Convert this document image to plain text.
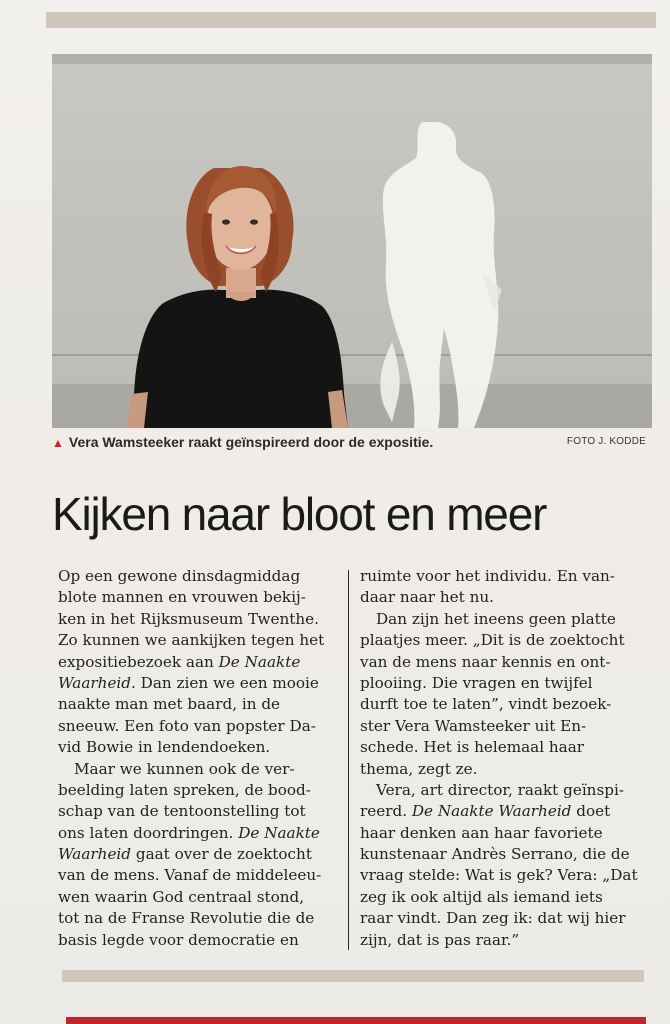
▲ Vera Wamsteeker raakt geïnspireerd door de expositie.	FOTO J. KODDE
Kijken naar bloot en meer
Op een gewone dinsdagmiddag
blote mannen en vrouwen bekij-
ken in het Rijksmuseum Twenthe.
Zo kunnen we aankijken tegen het
expositiebezoek aan De Naakte
Waarheid. Dan zien we een mooie
naakte man met baard, in de
sneeuw. Een foto van popster Da-
vid Bowie in lendendoeken.
Maar we kunnen ook de ver-
beelding laten spreken, de bood-
schap van de tentoonstelling tot
ons laten doordringen. De Naakte
Waarheid gaat over de zoektocht
van de mens. Vanaf de middeleeu-
wen waarin God centraal stond,
tot na de Franse Revolutie die de
basis legde voor democratie en
ruimte voor het individu. En van-
daar naar het nu.
Dan zijn het ineens geen platte
plaatjes meer. „Dit is de zoektocht
van de mens naar kennis en ont-
plooiing. Die vragen en twijfel
durft toe te laten”, vindt bezoek-
ster Vera Wamsteeker uit En-
schede. Het is helemaal haar
thema, zegt ze.
Vera, art director, raakt geïnspi-
reerd. De Naakte Waarheid doet
haar denken aan haar favoriete
kunstenaar Andrès Serrano, die de
vraag stelde: Wat is gek? Vera: „Dat
zeg ik ook altijd als iemand iets
raar vindt. Dan zeg ik: dat wij hier
zijn, dat is pas raar.”
